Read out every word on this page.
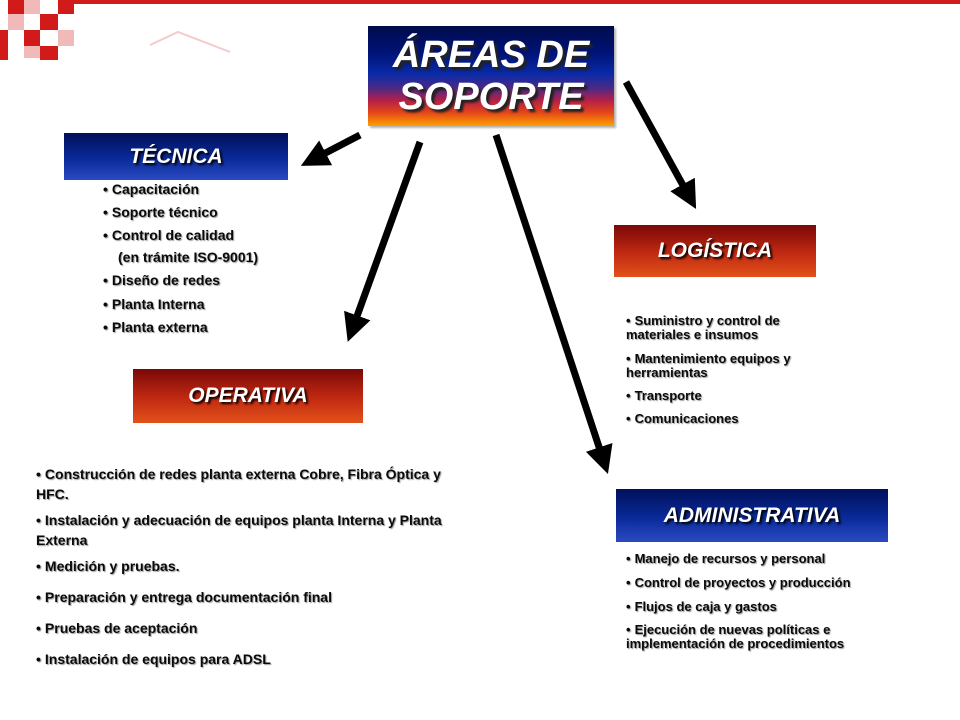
ÁREAS DE
SOPORTE
TÉCNICA
• Capacitación
• Soporte técnico
• Control de calidad
(en trámite ISO-9001)
• Diseño de redes
• Planta Interna
• Planta externa
LOGÍSTICA
• Suministro y control de materiales e insumos
• Mantenimiento equipos y herramientas
• Transporte
• Comunicaciones
OPERATIVA
• Construcción de redes planta externa Cobre, Fibra Óptica y HFC.
• Instalación y adecuación de equipos planta Interna y Planta Externa
• Medición y pruebas.
• Preparación y entrega documentación final
• Pruebas de aceptación
• Instalación de equipos para ADSL
ADMINISTRATIVA
• Manejo de recursos y personal
• Control de proyectos y producción
• Flujos de caja y gastos
• Ejecución de nuevas políticas e implementación de procedimientos
